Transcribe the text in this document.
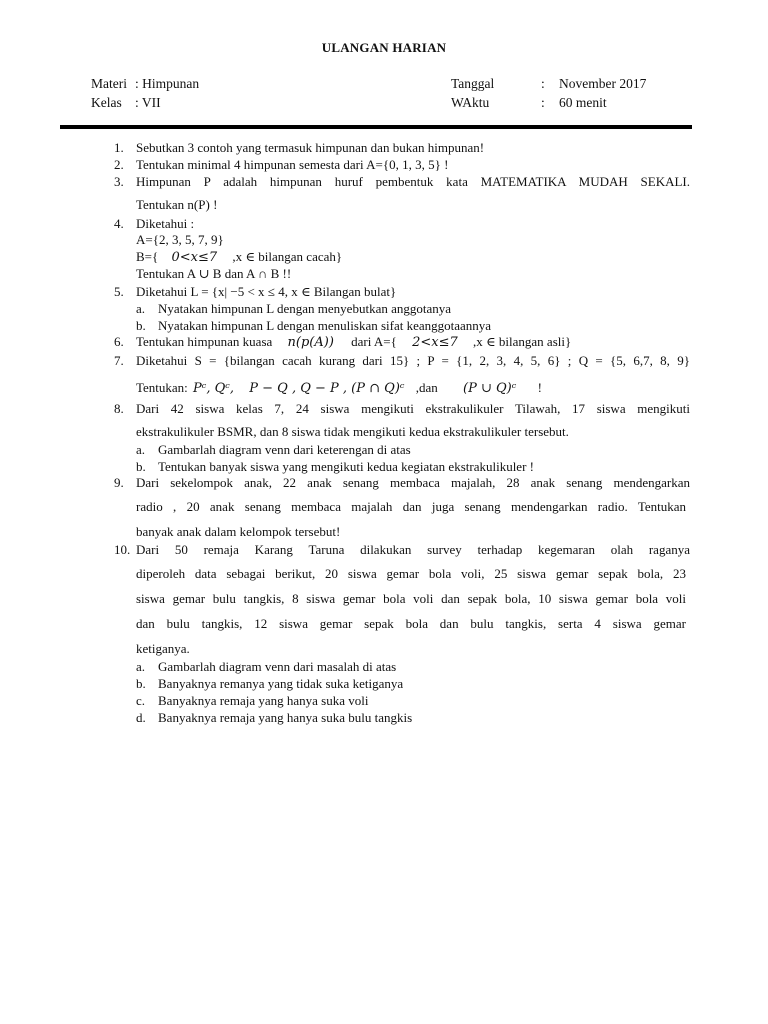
ULANGAN HARIAN
Materi : Himpunan
Kelas : VII
Tanggal	: November 2017
WAktu	: 60 menit
1. Sebutkan 3 contoh yang termasuk himpunan dan bukan himpunan!
2. Tentukan minimal 4 himpunan semesta dari A={0, 1, 3, 5} !
3. Himpunan P adalah himpunan huruf pembentuk kata MATEMATIKA MUDAH SEKALI.
Tentukan n(P) !
4. Diketahui :
A={2, 3, 5, 7, 9}
B={ 0<x≤7 ,x ∈ bilangan cacah}
Tentukan A ∪ B dan A ∩ B !!
5. Diketahui L = {x| −5 < x ≤ 4, x ∈ Bilangan bulat}
a. Nyatakan himpunan L dengan menyebutkan anggotanya
b. Nyatakan himpunan L dengan menuliskan sifat keanggotaannya
6. Tentukan himpunan kuasa n(p(A)) dari A={ 2<x≤7 ,x ∈ bilangan asli}
7. Diketahui S = {bilangan cacah kurang dari 15} ; P = {1, 2, 3, 4, 5, 6} ; Q = {5, 6,7, 8, 9}
Tentukan: Pᶜ, Qᶜ, P − Q , Q − P , (P ∩ Q)ᶜ ,dan (P ∪ Q)ᶜ !
8. Dari 42 siswa kelas 7, 24 siswa mengikuti ekstrakulikuler Tilawah, 17 siswa mengikuti
ekstrakulikuler BSMR, dan 8 siswa tidak mengikuti kedua ekstrakulikuler tersebut.
a. Gambarlah diagram venn dari keterengan di atas
b. Tentukan banyak siswa yang mengikuti kedua kegiatan ekstrakulikuler !
9. Dari sekelompok anak, 22 anak senang membaca majalah, 28 anak senang mendengarkan
radio , 20 anak senang membaca majalah dan juga senang mendengarkan radio. Tentukan
banyak anak dalam kelompok tersebut!
10. Dari 50 remaja Karang Taruna dilakukan survey terhadap kegemaran olah raganya
diperoleh data sebagai berikut, 20 siswa gemar bola voli, 25 siswa gemar sepak bola, 23
siswa gemar bulu tangkis, 8 siswa gemar bola voli dan sepak bola, 10 siswa gemar bola voli
dan bulu tangkis, 12 siswa gemar sepak bola dan bulu tangkis, serta 4 siswa gemar
ketiganya.
a. Gambarlah diagram venn dari masalah di atas
b. Banyaknya remanya yang tidak suka ketiganya
c. Banyaknya remaja yang hanya suka voli
d. Banyaknya remaja yang hanya suka bulu tangkis
